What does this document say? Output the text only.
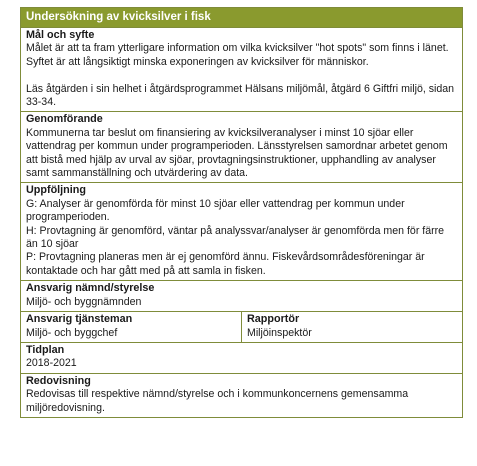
Undersökning av kvicksilver i fisk
Mål och syfte

Målet är att ta fram ytterligare information om vilka kvicksilver "hot spots" som finns i länet. Syftet är att långsiktigt minska exponeringen av kvicksilver för människor.

Läs åtgärden i sin helhet i åtgärdsprogrammet Hälsans miljömål, åtgärd 6 Giftfri miljö, sidan 33-34.

Genomförande

Kommunerna tar beslut om finansiering av kvicksilveranalyser i minst 10 sjöar eller vattendrag per kommun under programperioden. Länsstyrelsen samordnar arbetet genom att bistå med hjälp av urval av sjöar, provtagningsinstruktioner, upphandling av analyser samt sammanställning och utvärdering av data.

Uppföljning

G: Analyser är genomförda för minst 10 sjöar eller vattendrag per kommun under programperioden.

H: Provtagning är genomförd, väntar på analyssvar/analyser är genomförda men för färre än 10 sjöar

P: Provtagning planeras men är ej genomförd ännu. Fiskevårdsområdesföreningar är kontaktade och har gått med på att samla in fisken.

Ansvarig nämnd/styrelse

Miljö- och byggnämnden

Ansvarig tjänsteman

Miljö- och byggchef

Rapportör

Miljöinspektör

Tidplan

2018-2021

Redovisning

Redovisas till respektive nämnd/styrelse och i kommunkoncernens gemensamma miljöredovisning.
